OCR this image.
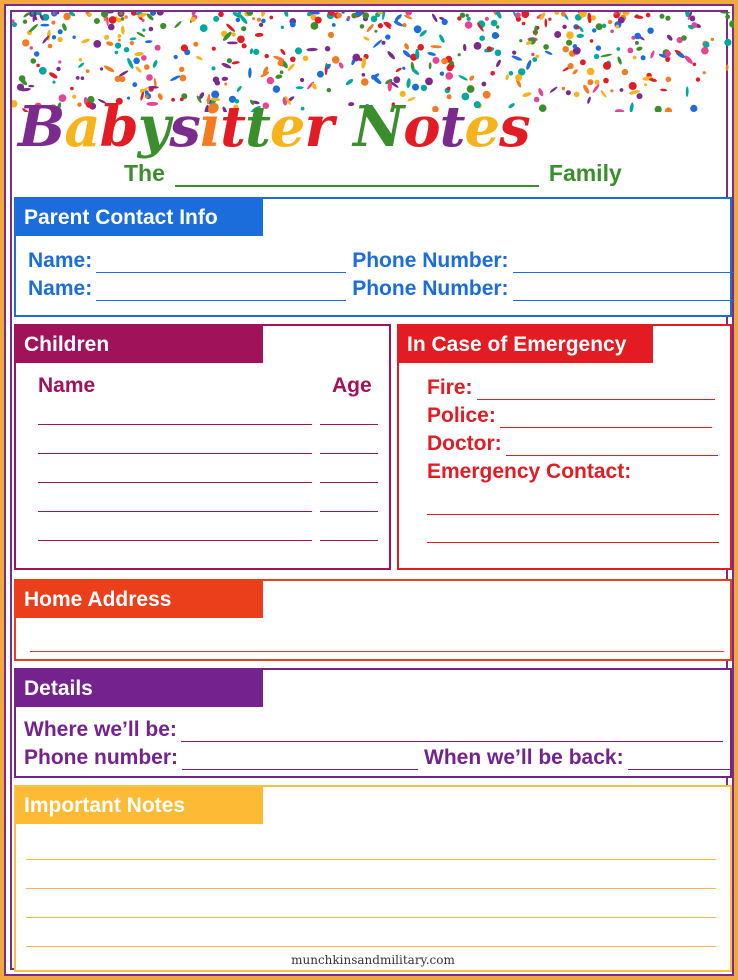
Babysitter Notes
The	Family
Parent Contact Info
Name:	Phone Number:
Name:	Phone Number:
Children
Name	Age
In Case of Emergency
Fire:
Police:
Doctor:
Emergency Contact:
Home Address
Details
Where we’ll be:
Phone number:	When we’ll be back:
Important Notes
munchkinsandmilitary.com
